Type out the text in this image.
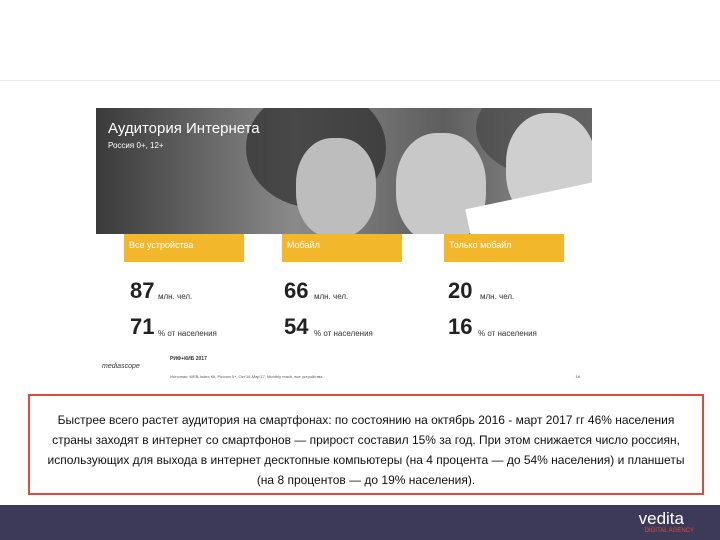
Аудитория Интернета
Россия 0+, 12+
Все устройства	Мобайл	Только мобайл
87 млн. чел.	66 млн. чел.	20 млн. чел.
71 % от населения	54 % от населения	16 % от населения
mediascope
РИФ+КИБ 2017
Источник: WEB-Index Kit, Россия 0+, Окт'16-Мар'17, Monthly reach, все устройства	16

Быстрее всего растет аудитория на смартфонах: по состоянию на октябрь 2016 - март 2017 гг 46% населения страны заходят в интернет со смартфонов — прирост составил 15% за год. При этом снижается число россиян, использующих для выхода в интернет десктопные компьютеры (на 4 процента — до 54% населения) и планшеты (на 8 процентов — до 19% населения).

vedita
DIGITAL AGENCY
